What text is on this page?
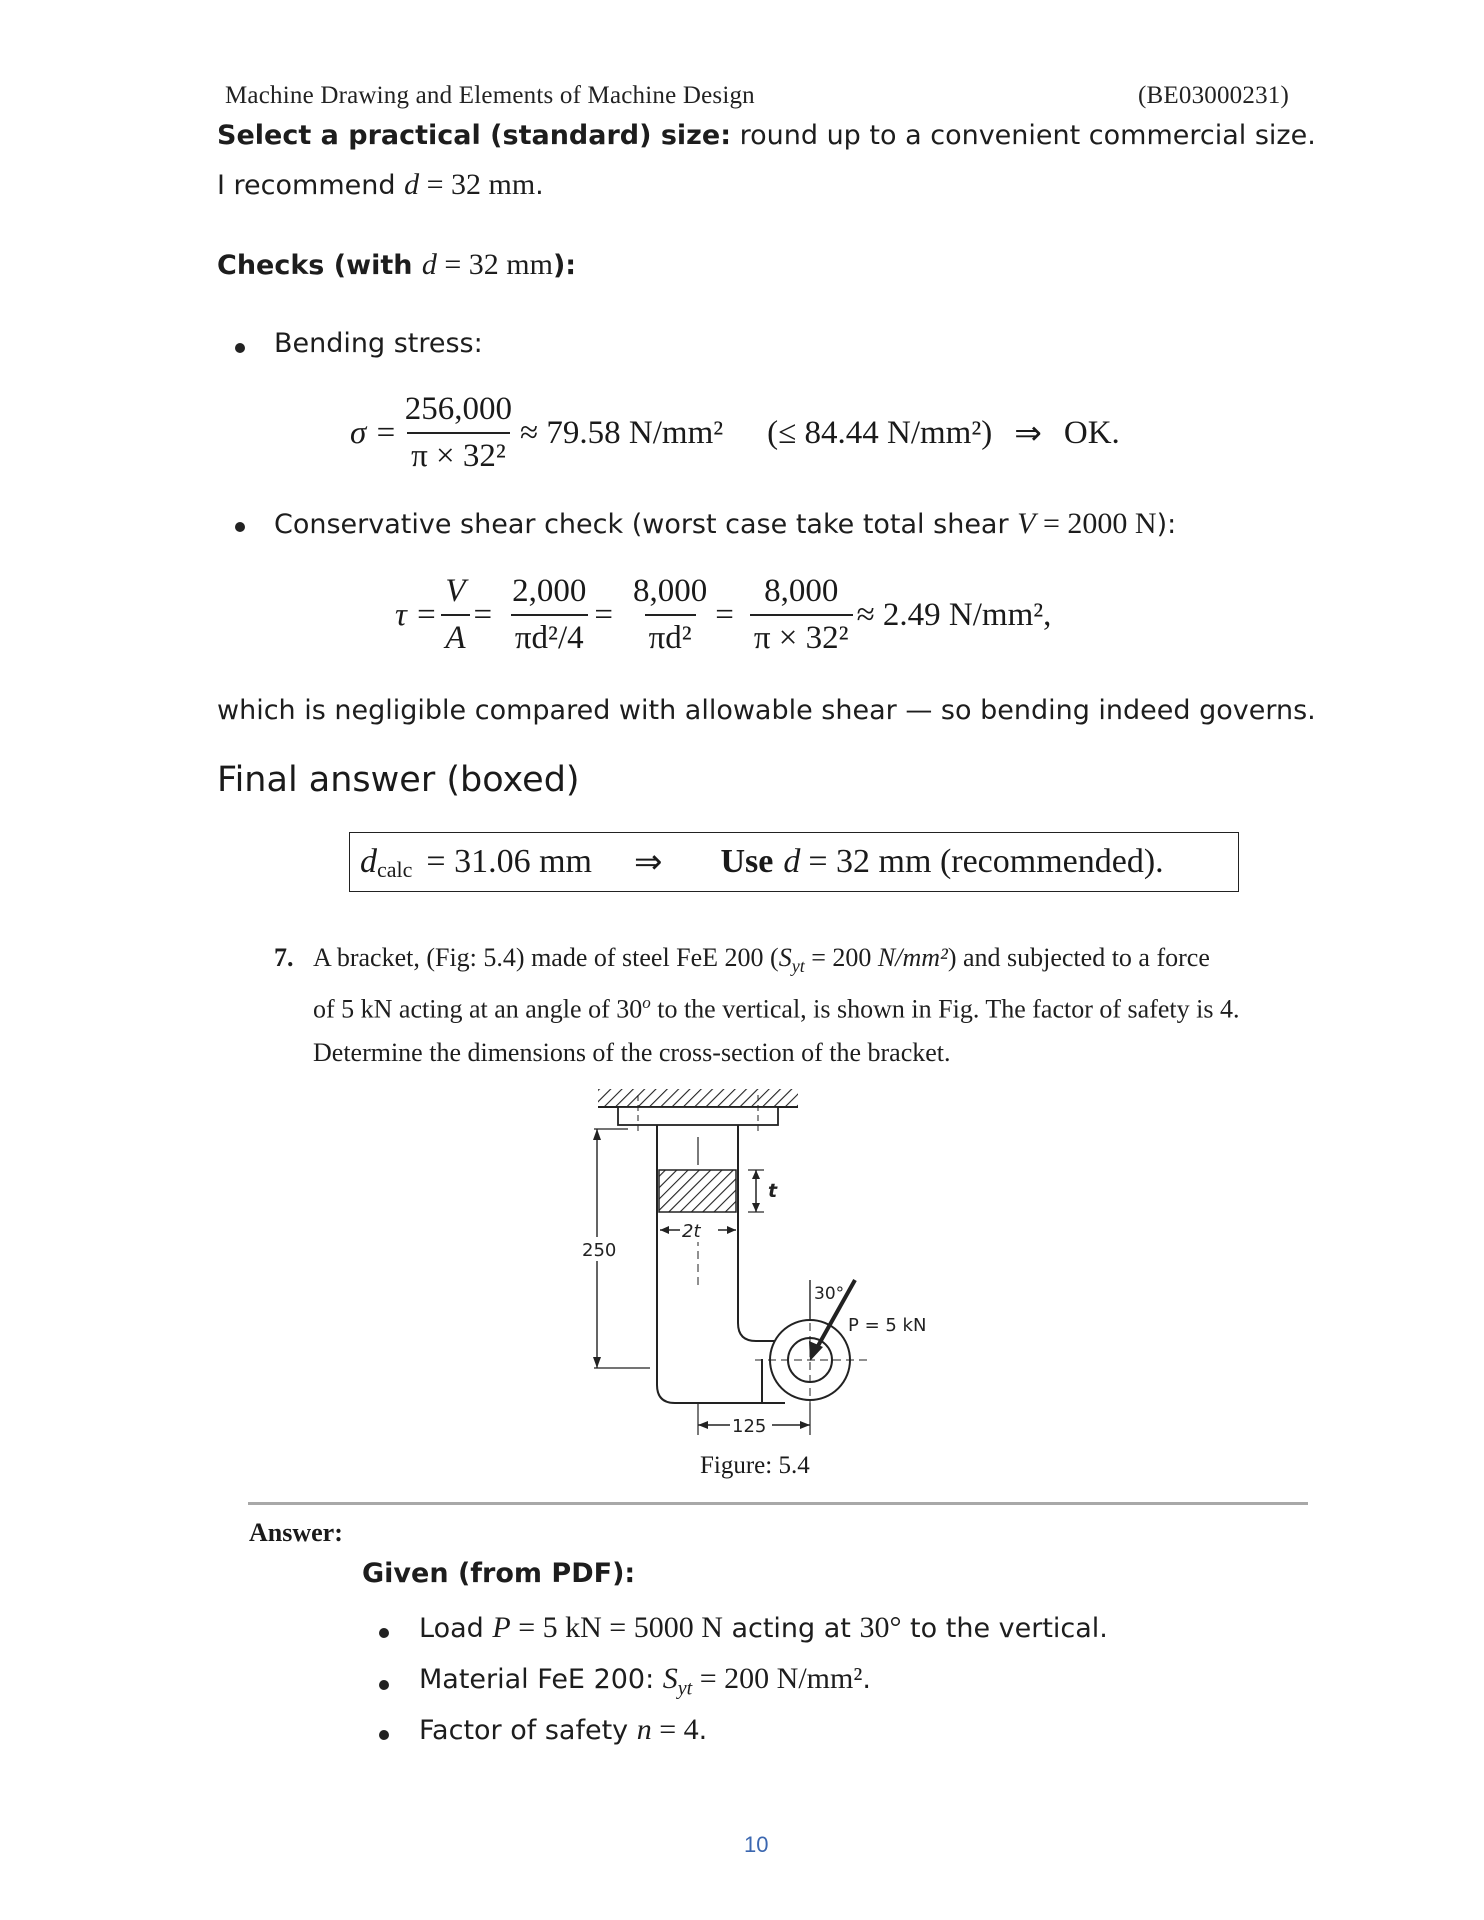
Machine Drawing and Elements of Machine Design	(BE03000231)
Select a practical (standard) size: round up to a convenient commercial size.
I recommend d = 32 mm.
Checks (with d = 32 mm):
Bending stress:
$\sigma = \frac{256,000}{\text{π × 32²}} \approx 79.58$ N/mm² (≤ 84.44 N/mm²) ⇒ OK.
Conservative shear check (worst case take total shear V = 2000 N):
$\tau = \frac{V}{A} = \frac{2,000}{\text{πd²/4}} = \frac{8,000}{\text{πd²}} = \frac{8,000}{\text{π × 32²}} \approx 2.49$ N/mm²,
which is negligible compared with allowable shear — so bending indeed governs.
Final answer (boxed)
d calc = 31.06 mm ⇒ Use d = 32 mm (recommended).
7. A bracket, (Fig: 5.4) made of steel FeE 200 ($S_{yt} = 200$ N/mm²) and subjected to a force
of 5 kN acting at an angle of 30$^o$ to the vertical, is shown in Fig. The factor of safety is 4.
Determine the dimensions of the cross-section of the bracket.
t
2t
250
30°
P = 5 kN
125
Figure: 5.4
Answer:
Given (from PDF):
Load P = 5 kN = 5000 N acting at 30° to the vertical.
Material FeE 200: $S_{yt} = 200$ N/mm².
Factor of safety n = 4.
10
